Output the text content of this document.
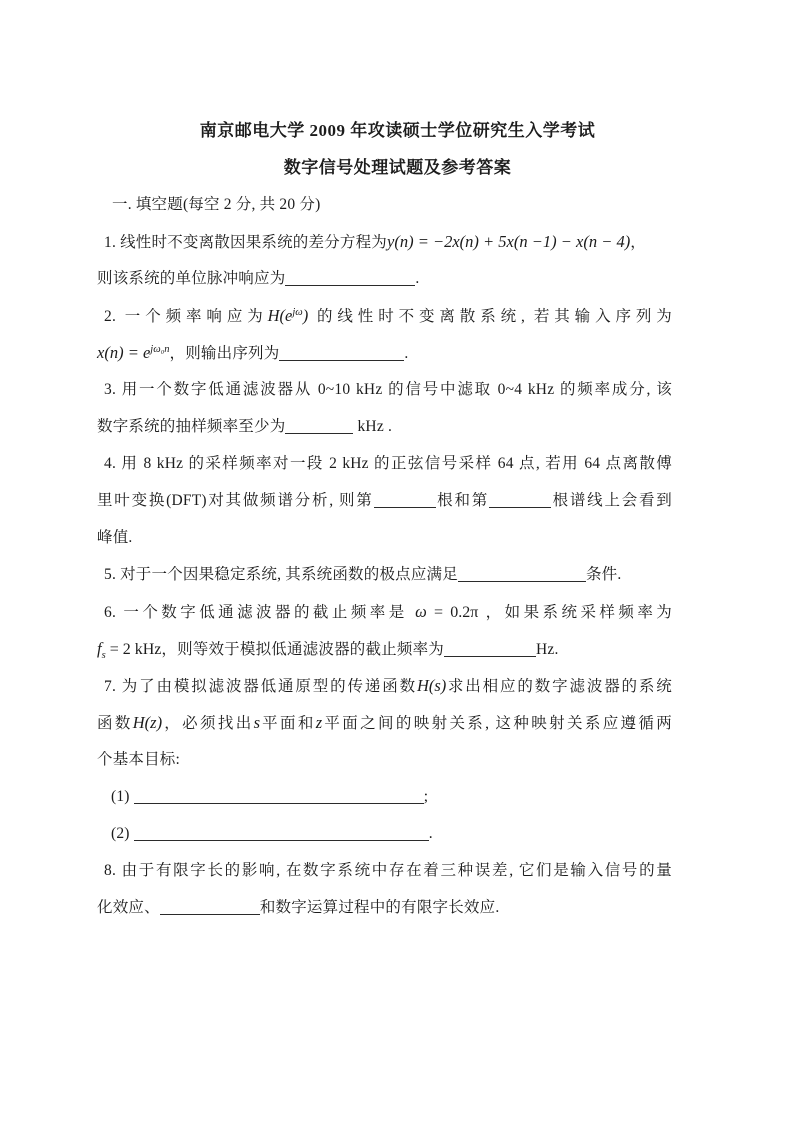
南京邮电大学 2009 年攻读硕士学位研究生入学考试
数字信号处理试题及参考答案
一. 填空题(每空 2 分, 共 20 分)
1. 线性时不变离散因果系统的差分方程为y(n) = −2x(n) + 5x(n −1) − x(n − 4)，
则该系统的单位脉冲响应为	.
2. 一个频率响应为$H(e^{j\omega})$ 的线性时不变离散系统, 若其输入序列为
$x(n) = e^{j\omega_0n}$，则输出序列为	.
3. 用一个数字低通滤波器从 0~10 kHz 的信号中滤取 0~4 kHz 的频率成分, 该
数字系统的抽样频率至少为	kHz .
4. 用 8 kHz 的采样频率对一段 2 kHz 的正弦信号采样 64 点, 若用 64 点离散傅
里叶变换(DFT)对其做频谱分析, 则第	根和第	根谱线上会看到
峰值.
5. 对于一个因果稳定系统, 其系统函数的极点应满足	条件.
6. 一个数字低通滤波器的截止频率是 ω = 0.2π ，如果系统采样频率为
$f_s = 2$ kHz，则等效于模拟低通滤波器的截止频率为	Hz.
7. 为了由模拟滤波器低通原型的传递函数H(s)求出相应的数字滤波器的系统
函数H(z)，必须找出s平面和z平面之间的映射关系, 这种映射关系应遵循两
个基本目标:
(1)	;
(2)	.
8. 由于有限字长的影响, 在数字系统中存在着三种误差, 它们是输入信号的量
化效应、	和数字运算过程中的有限字长效应.
